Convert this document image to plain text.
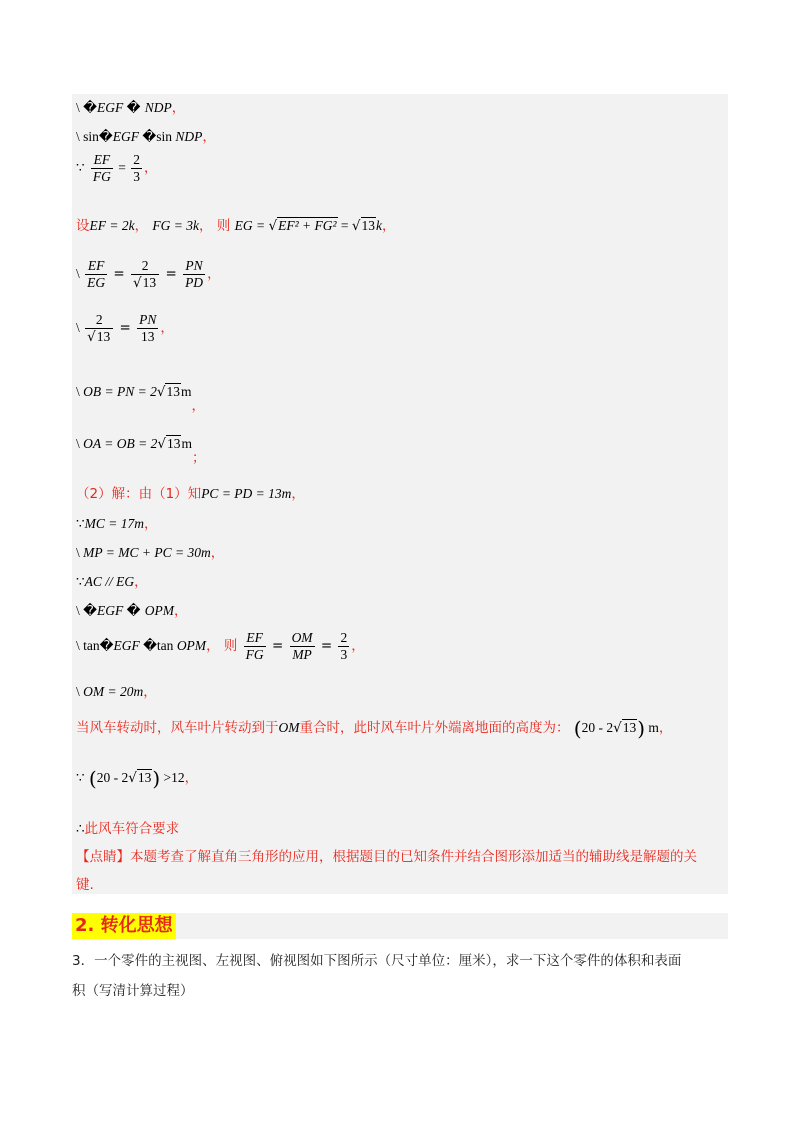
\ �EGF � NDP，
\ sin�EGF �sin NDP，
∵ $\frac{EF}{FG} = \frac{2}{3}$ ，
设EF = 2k， FG = 3k， 则 EG = √EF² + FG² = √13k，
\ $\frac{EF}{EG} = \frac{2}{√13} = \frac{PN}{PD}$ ，
\ $\frac{2}{√13} = \frac{PN}{13}$ ，
\ OB = PN = 2√13m，
\ OA = OB = 2√13m；
（2）解：由（1）知PC = PD = 13m，
∵MC = 17m，
\ MP = MC + PC = 30m，
∵AC // EG，
\ �EGF � OPM，
\ tan�EGF �tan OPM， 则 $\frac{EF}{FG} = \frac{OM}{MP} = \frac{2}{3}$ ，
\ OM = 20m，
当风车转动时，风车叶片转动到于OM重合时，此时风车叶片外端离地面的高度为： (20 - 2√13) m，
∵ (20 - 2√13) >12，
∴此风车符合要求
【点睛】本题考查了解直角三角形的应用，根据题目的已知条件并结合图形添加适当的辅助线是解题的关
键.
2. 转化思想
3．一个零件的主视图、左视图、俯视图如下图所示（尺寸单位：厘米），求一下这个零件的体积和表面
积（写清计算过程）
